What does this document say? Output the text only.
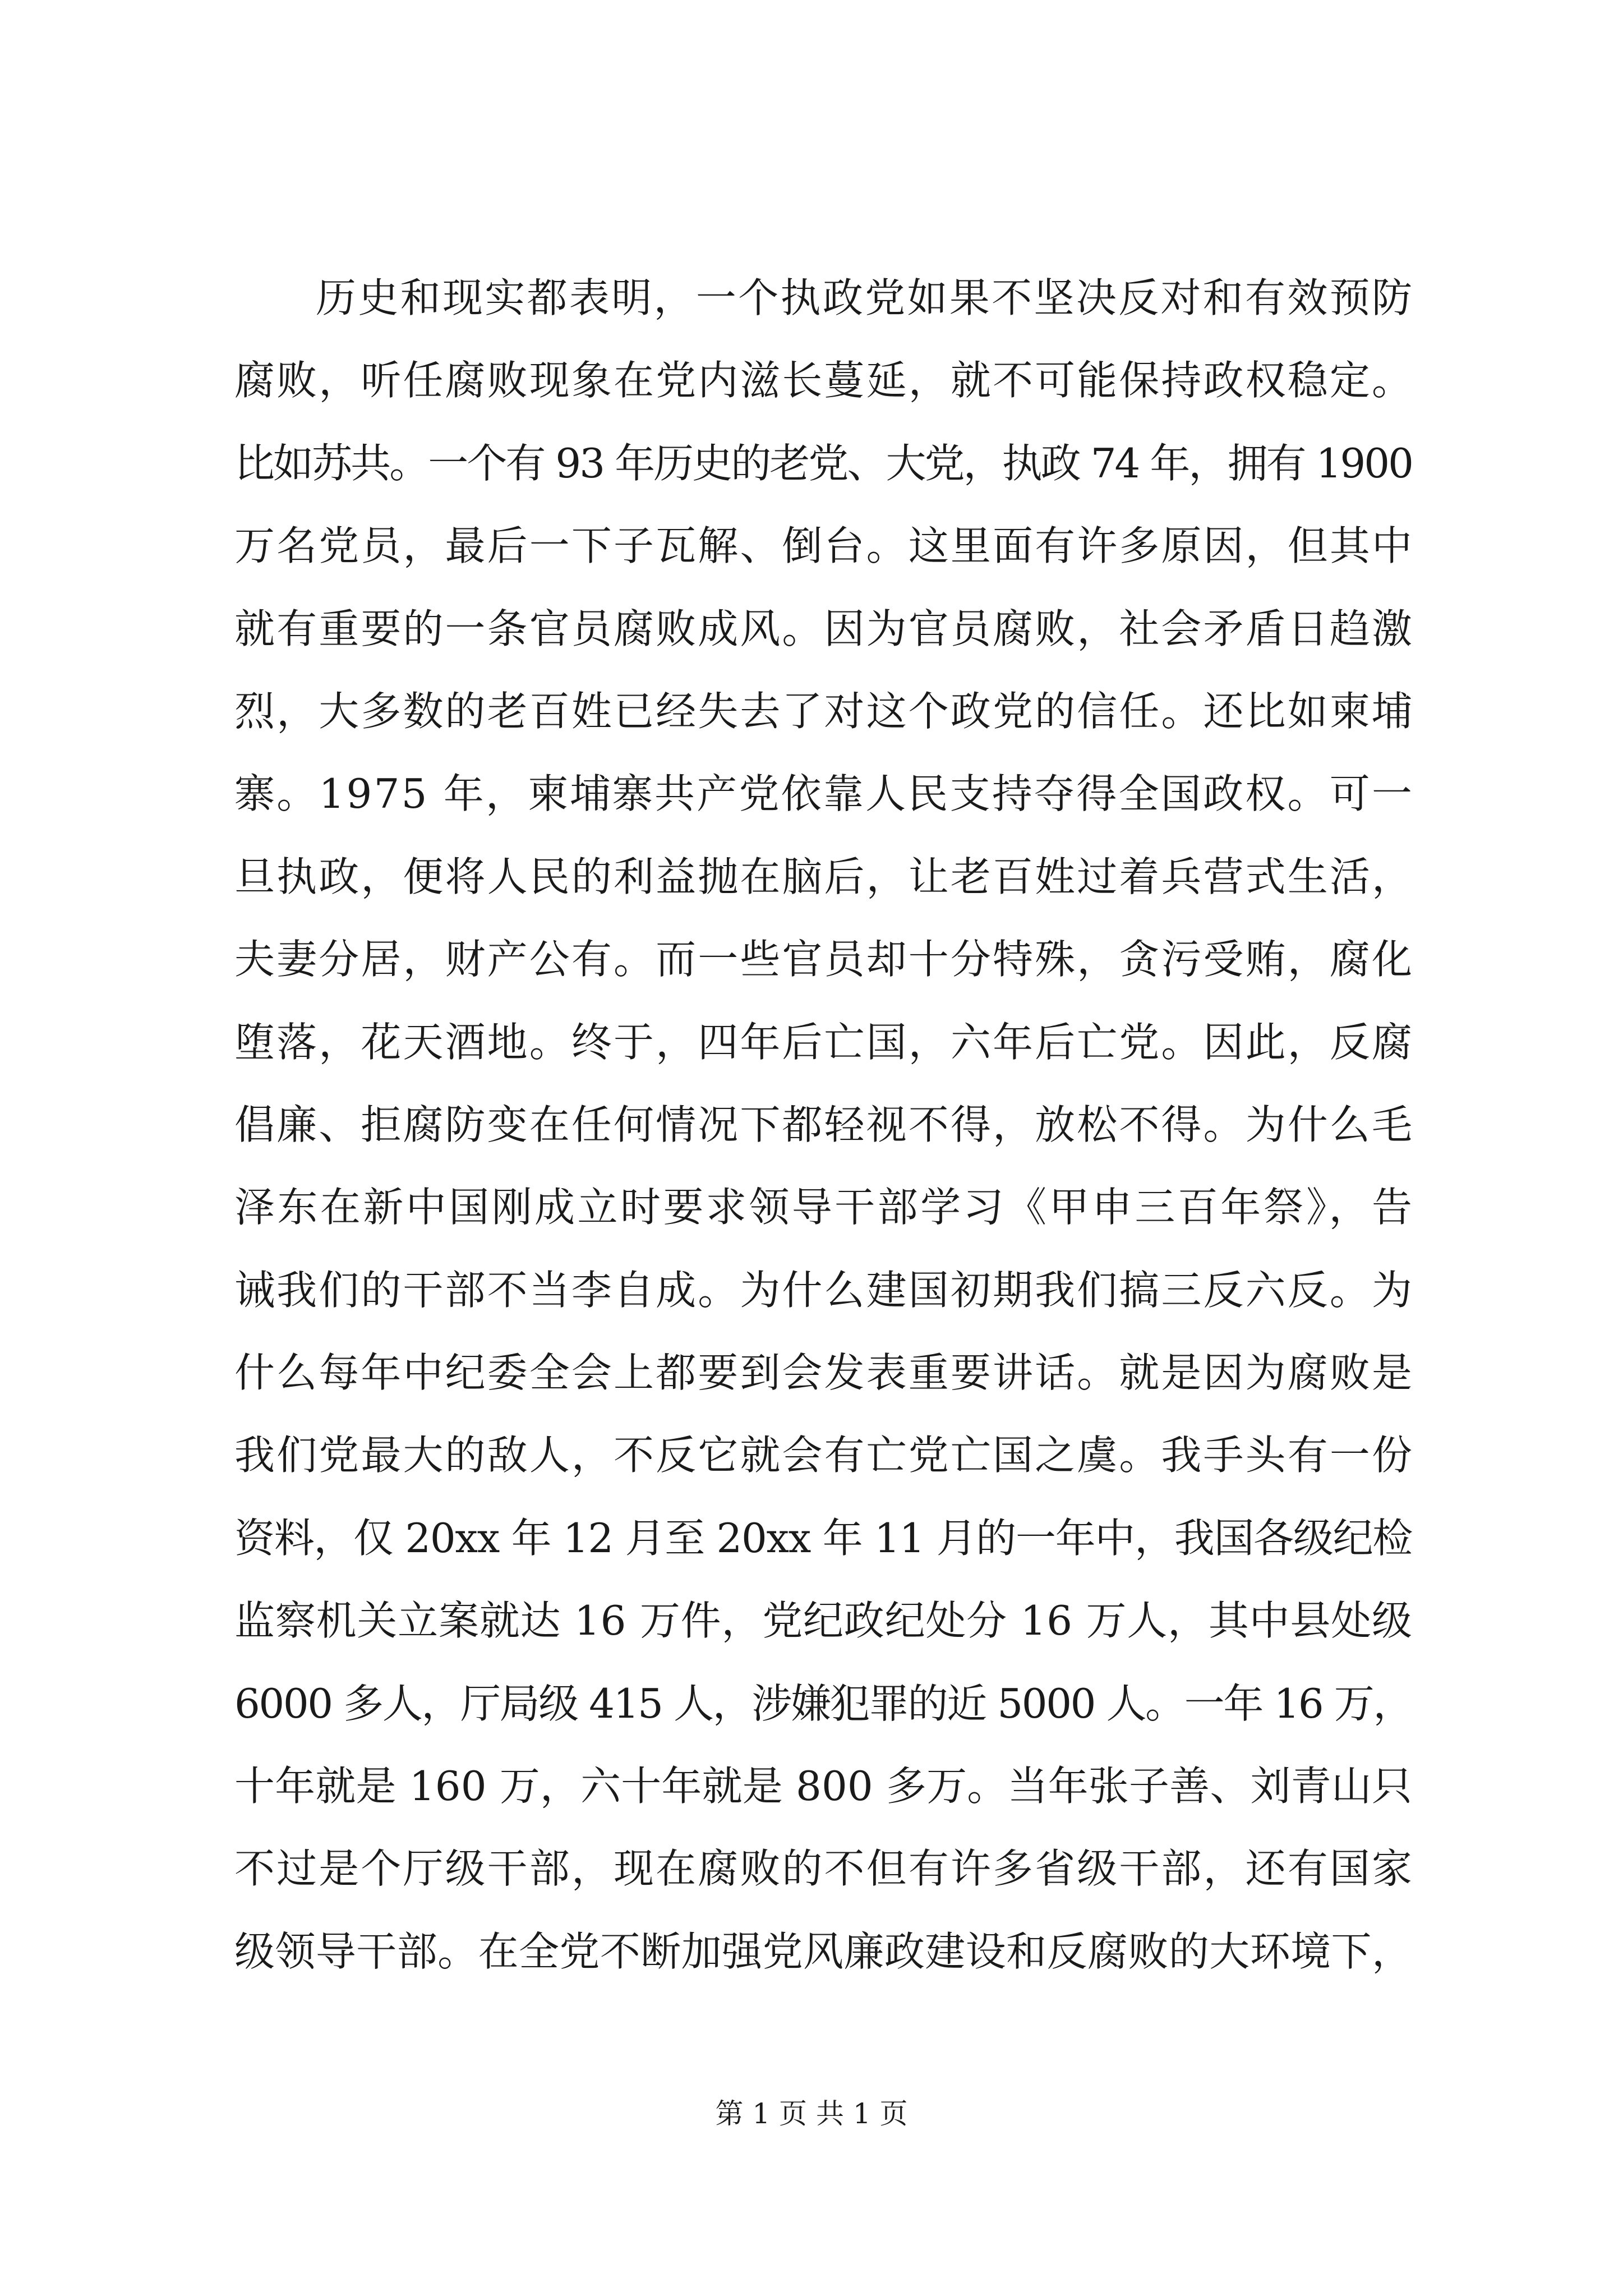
历史和现实都表明，一个执政党如果不坚决反对和有效预防
腐败，听任腐败现象在党内滋长蔓延，就不可能保持政权稳定。
比如苏共。一个有 93 年历史的老党、大党，执政 74 年，拥有 1900
万名党员，最后一下子瓦解、倒台。这里面有许多原因，但其中
就有重要的一条官员腐败成风。因为官员腐败，社会矛盾日趋激
烈，大多数的老百姓已经失去了对这个政党的信任。还比如柬埔
寨。1975 年，柬埔寨共产党依靠人民支持夺得全国政权。可一
旦执政，便将人民的利益抛在脑后，让老百姓过着兵营式生活，
夫妻分居，财产公有。而一些官员却十分特殊，贪污受贿，腐化
堕落，花天酒地。终于，四年后亡国，六年后亡党。因此，反腐
倡廉、拒腐防变在任何情况下都轻视不得，放松不得。为什么毛
泽东在新中国刚成立时要求领导干部学习《甲申三百年祭》，告
诫我们的干部不当李自成。为什么建国初期我们搞三反六反。为
什么每年中纪委全会上都要到会发表重要讲话。就是因为腐败是
我们党最大的敌人，不反它就会有亡党亡国之虞。我手头有一份
资料，仅 20xx 年 12 月至 20xx 年 11 月的一年中，我国各级纪检
监察机关立案就达 16 万件，党纪政纪处分 16 万人，其中县处级
6000 多人，厅局级 415 人，涉嫌犯罪的近 5000 人。一年 16 万，
十年就是 160 万，六十年就是 800 多万。当年张子善、刘青山只
不过是个厅级干部，现在腐败的不但有许多省级干部，还有国家
级领导干部。在全党不断加强党风廉政建设和反腐败的大环境下，
第 1 页 共 1 页
